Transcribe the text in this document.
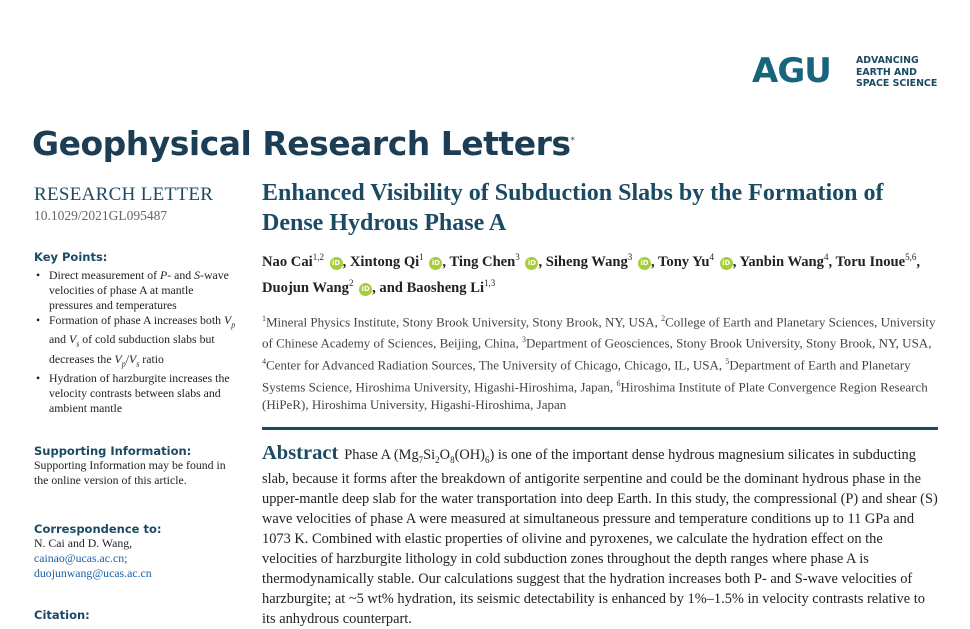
AGU	ADVANCING
EARTH AND
SPACE SCIENCE
Geophysical Research Letters*
RESEARCH LETTER
10.1029/2021GL095487
Key Points:
• Direct measurement of P- and S-wave velocities of phase A at mantle pressures and temperatures
• Formation of phase A increases both $V_p$ and $V_s$ of cold subduction slabs but decreases the $V_p/V_s$ ratio
• Hydration of harzburgite increases the velocity contrasts between slabs and ambient mantle
Supporting Information:
Supporting Information may be found in the online version of this article.
Correspondence to:
N. Cai and D. Wang,
cainao@ucas.ac.cn;
duojunwang@ucas.ac.cn
Citation:
Enhanced Visibility of Subduction Slabs by the Formation of Dense Hydrous Phase A
Nao Cai$^{1,2}$ iD , Xintong Qi$^1$ iD , Ting Chen$^3$ iD , Siheng Wang$^3$ iD , Tony Yu$^4$ iD , Yanbin Wang$^4$, Toru Inoue$^{5,6}$, Duojun Wang$^2$ iD , and Baosheng Li$^{1,3}$
$^1$Mineral Physics Institute, Stony Brook University, Stony Brook, NY, USA, $^2$College of Earth and Planetary Sciences, University of Chinese Academy of Sciences, Beijing, China, $^3$Department of Geosciences, Stony Brook University, Stony Brook, NY, USA, $^4$Center for Advanced Radiation Sources, The University of Chicago, Chicago, IL, USA, $^5$Department of Earth and Planetary Systems Science, Hiroshima University, Higashi-Hiroshima, Japan, $^6$Hiroshima Institute of Plate Convergence Region Research (HiPeR), Hiroshima University, Higashi-Hiroshima, Japan
Abstract Phase A $(Mg_7Si_2O_8(OH)_6)$ is one of the important dense hydrous magnesium silicates in subducting slab, because it forms after the breakdown of antigorite serpentine and could be the dominant hydrous phase in the upper-mantle deep slab for the water transportation into deep Earth. In this study, the compressional (P) and shear (S) wave velocities of phase A were measured at simultaneous pressure and temperature conditions up to 11 GPa and 1073 K. Combined with elastic properties of olivine and pyroxenes, we calculate the hydration effect on the velocities of harzburgite lithology in cold subduction zones throughout the depth ranges where phase A is thermodynamically stable. Our calculations suggest that the hydration increases both P- and S-wave velocities of harzburgite; at ~5 wt% hydration, its seismic detectability is enhanced by 1%–1.5% in velocity contrasts relative to its anhydrous counterpart.
